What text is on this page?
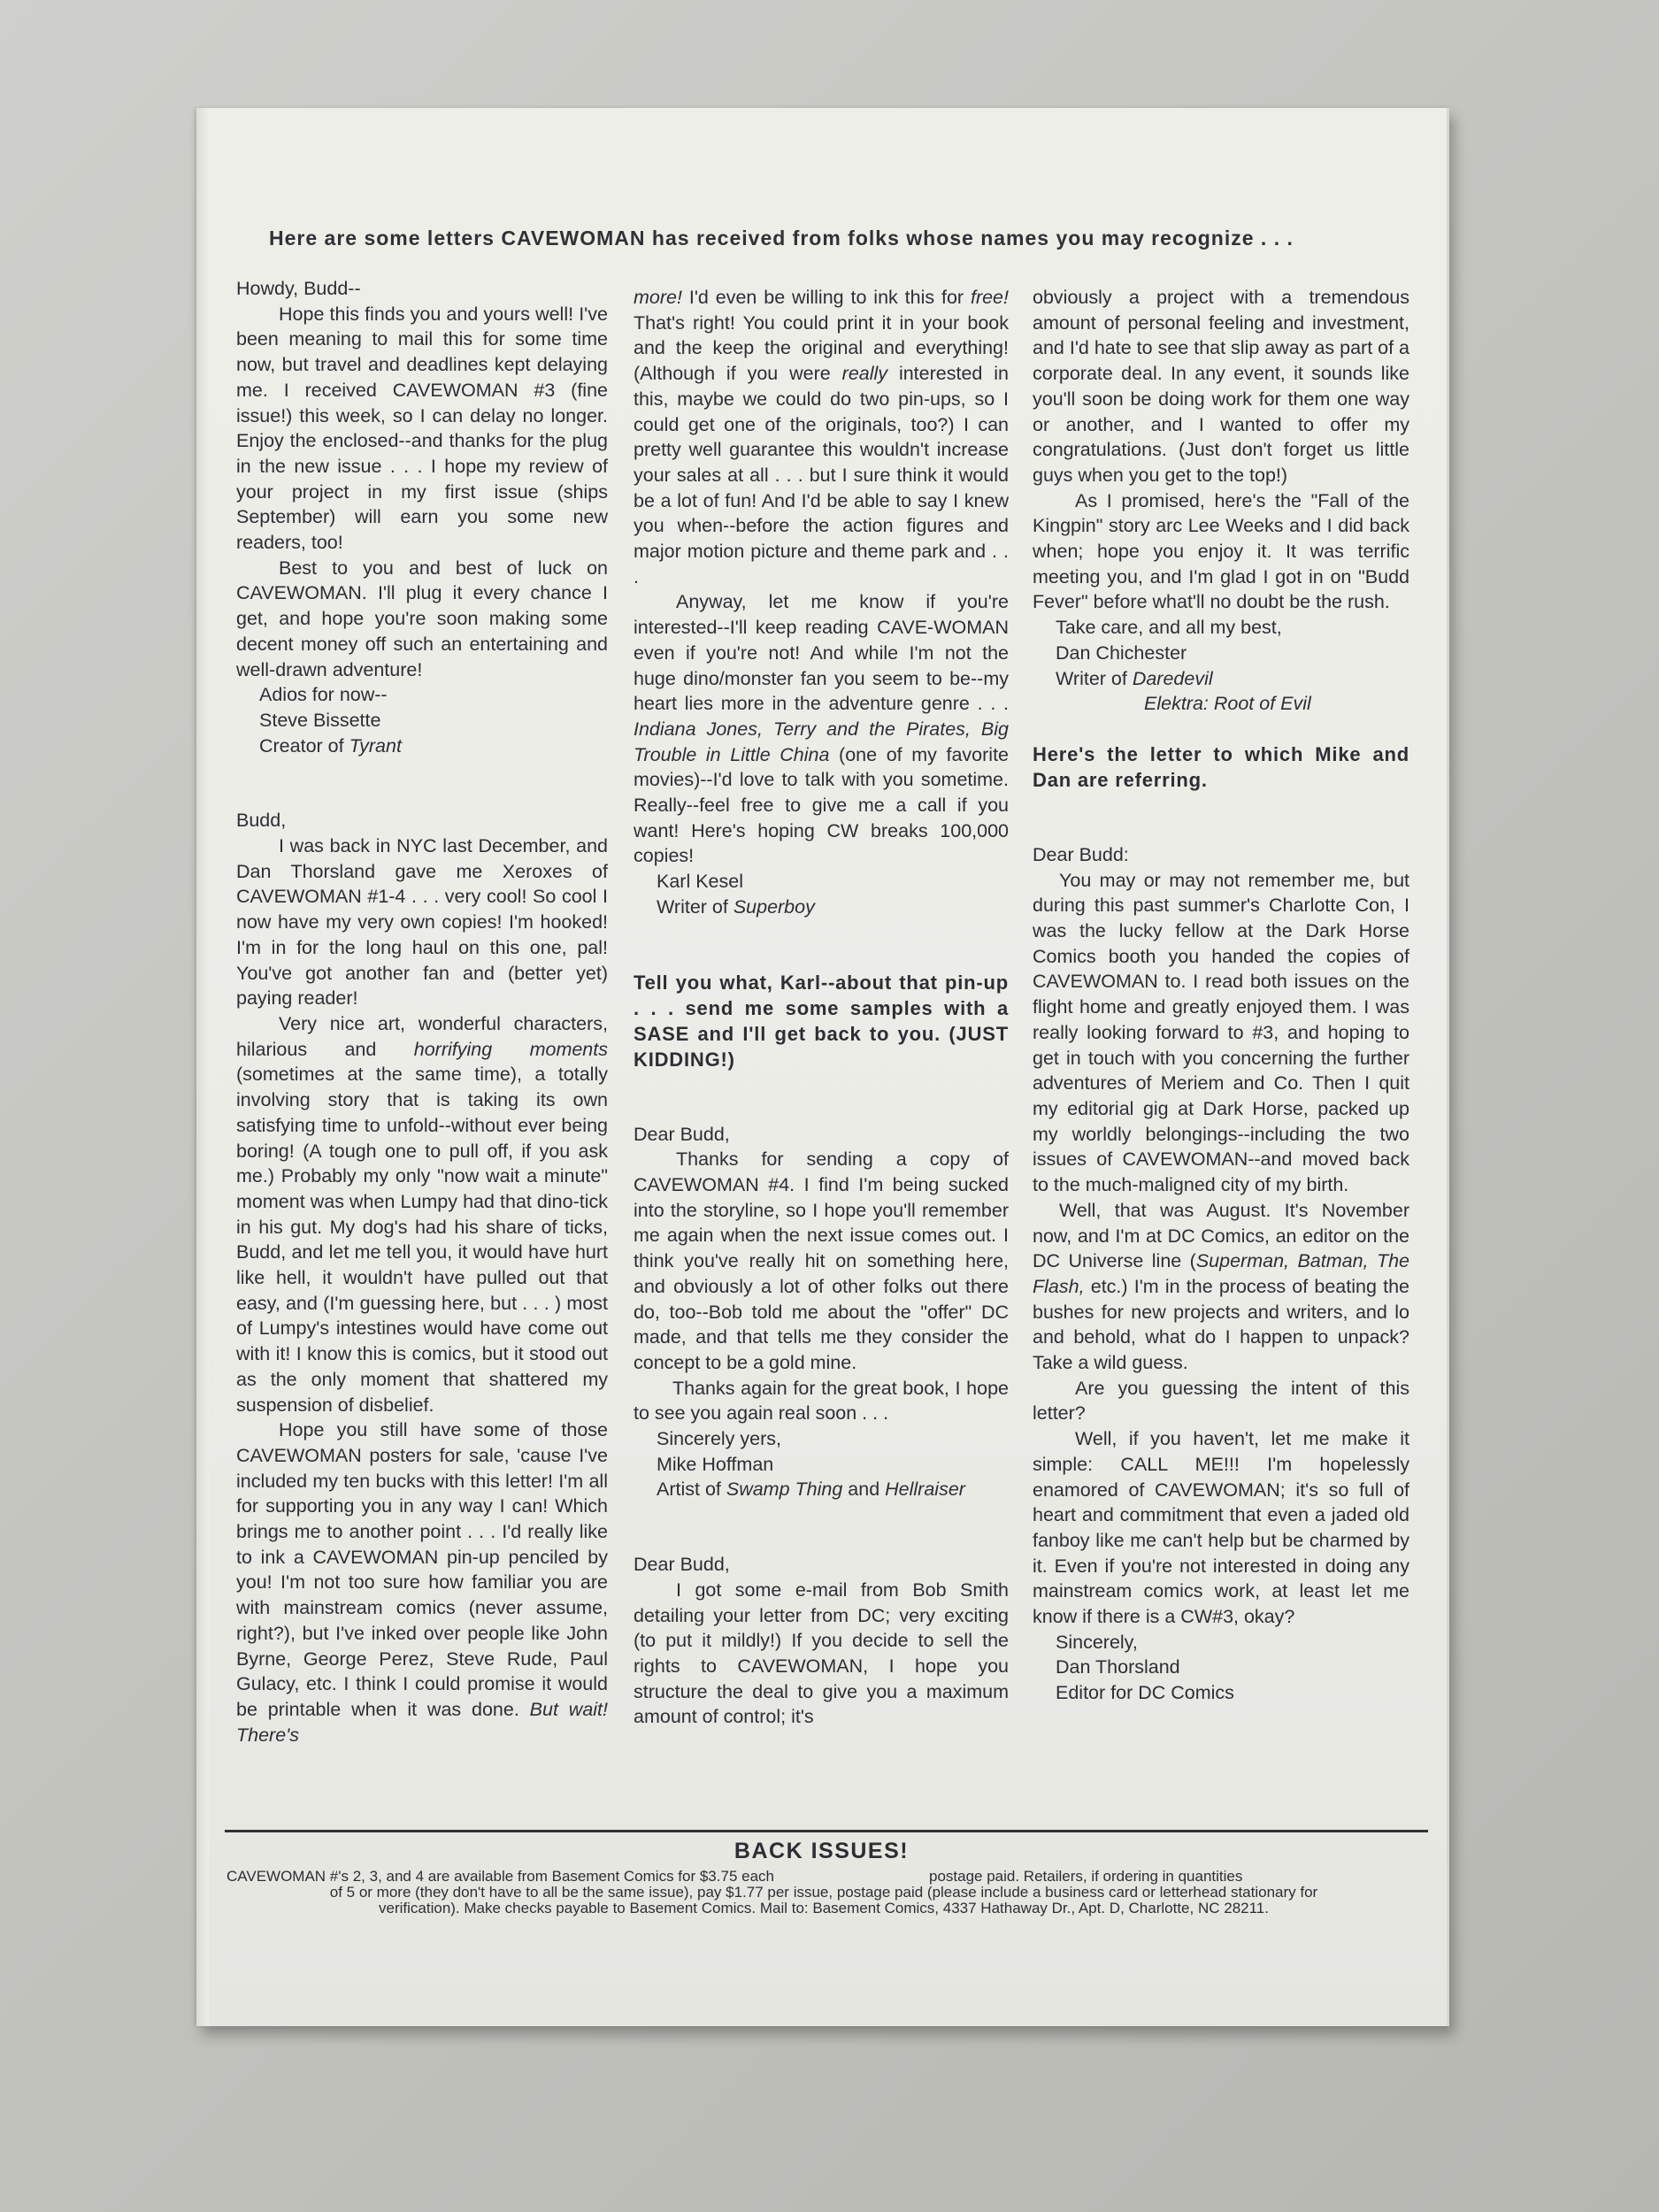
Here are some letters CAVEWOMAN has received from folks whose names you may recognize . . .

Howdy, Budd--

Hope this finds you and yours well! I've been meaning to mail this for some time now, but travel and deadlines kept delaying me. I received CAVEWOMAN #3 (fine issue!) this week, so I can delay no longer. Enjoy the enclosed--and thanks for the plug in the new issue . . . I hope my review of your project in my first issue (ships September) will earn you some new readers, too!

Best to you and best of luck on CAVEWOMAN. I'll plug it every chance I get, and hope you're soon making some decent money off such an entertaining and well-drawn adventure!

Adios for now--

Steve Bissette

Creator of Tyrant

Budd,

I was back in NYC last December, and Dan Thorsland gave me Xeroxes of CAVEWOMAN #1-4 . . . very cool! So cool I now have my very own copies! I'm hooked! I'm in for the long haul on this one, pal! You've got another fan and (better yet) paying reader!

Very nice art, wonderful characters, hilarious and horrifying moments (sometimes at the same time), a totally involving story that is taking its own satisfying time to unfold--without ever being boring! (A tough one to pull off, if you ask me.) Probably my only "now wait a minute" moment was when Lumpy had that dino-tick in his gut. My dog's had his share of ticks, Budd, and let me tell you, it would have hurt like hell, it wouldn't have pulled out that easy, and (I'm guessing here, but . . . ) most of Lumpy's intestines would have come out with it! I know this is comics, but it stood out as the only moment that shattered my suspension of disbelief.

Hope you still have some of those CAVEWOMAN posters for sale, 'cause I've included my ten bucks with this letter! I'm all for supporting you in any way I can! Which brings me to another point . . . I'd really like to ink a CAVEWOMAN pin-up penciled by you! I'm not too sure how familiar you are with mainstream comics (never assume, right?), but I've inked over people like John Byrne, George Perez, Steve Rude, Paul Gulacy, etc. I think I could promise it would be printable when it was done. But wait! There's

more! I'd even be willing to ink this for free! That's right! You could print it in your book and the keep the original and everything! (Although if you were really interested in this, maybe we could do two pin-ups, so I could get one of the originals, too?) I can pretty well guarantee this wouldn't increase your sales at all . . . but I sure think it would be a lot of fun! And I'd be able to say I knew you when--before the action figures and major motion picture and theme park and . . .

Anyway, let me know if you're interested--I'll keep reading CAVE-WOMAN even if you're not! And while I'm not the huge dino/monster fan you seem to be--my heart lies more in the adventure genre . . . Indiana Jones, Terry and the Pirates, Big Trouble in Little China (one of my favorite movies)--I'd love to talk with you sometime. Really--feel free to give me a call if you want! Here's hoping CW breaks 100,000 copies!

Karl Kesel

Writer of Superboy

Tell you what, Karl--about that pin-up . . . send me some samples with a SASE and I'll get back to you. (JUST KIDDING!)

Dear Budd,

Thanks for sending a copy of CAVEWOMAN #4. I find I'm being sucked into the storyline, so I hope you'll remember me again when the next issue comes out. I think you've really hit on something here, and obviously a lot of other folks out there do, too--Bob told me about the "offer" DC made, and that tells me they consider the concept to be a gold mine.

Thanks again for the great book, I hope to see you again real soon . . .

Sincerely yers,

Mike Hoffman

Artist of Swamp Thing and Hellraiser

Dear Budd,

I got some e-mail from Bob Smith detailing your letter from DC; very exciting (to put it mildly!) If you decide to sell the rights to CAVEWOMAN, I hope you structure the deal to give you a maximum amount of control; it's

obviously a project with a tremendous amount of personal feeling and investment, and I'd hate to see that slip away as part of a corporate deal. In any event, it sounds like you'll soon be doing work for them one way or another, and I wanted to offer my congratulations. (Just don't forget us little guys when you get to the top!)

As I promised, here's the "Fall of the Kingpin" story arc Lee Weeks and I did back when; hope you enjoy it. It was terrific meeting you, and I'm glad I got in on "Budd Fever" before what'll no doubt be the rush.

Take care, and all my best,

Dan Chichester

Writer of Daredevil

Elektra: Root of Evil

Here's the letter to which Mike and Dan are referring.

Dear Budd:

You may or may not remember me, but during this past summer's Charlotte Con, I was the lucky fellow at the Dark Horse Comics booth you handed the copies of CAVEWOMAN to. I read both issues on the flight home and greatly enjoyed them. I was really looking forward to #3, and hoping to get in touch with you concerning the further adventures of Meriem and Co. Then I quit my editorial gig at Dark Horse, packed up my worldly belongings--including the two issues of CAVEWOMAN--and moved back to the much-maligned city of my birth.

Well, that was August. It's November now, and I'm at DC Comics, an editor on the DC Universe line (Superman, Batman, The Flash, etc.) I'm in the process of beating the bushes for new projects and writers, and lo and behold, what do I happen to unpack? Take a wild guess.

Are you guessing the intent of this letter?

Well, if you haven't, let me make it simple: CALL ME!!! I'm hopelessly enamored of CAVEWOMAN; it's so full of heart and commitment that even a jaded old fanboy like me can't help but be charmed by it. Even if you're not interested in doing any mainstream comics work, at least let me know if there is a CW#3, okay?

Sincerely,

Dan Thorsland

Editor for DC Comics

BACK ISSUES!
CAVEWOMAN #'s 2, 3, and 4 are available from Basement Comics for $3.75 each	postage paid. Retailers, if ordering in quantities
of 5 or more (they don't have to all be the same issue), pay $1.77 per issue, postage paid (please include a business card or letterhead stationary for
verification). Make checks payable to Basement Comics. Mail to: Basement Comics, 4337 Hathaway Dr., Apt. D, Charlotte, NC 28211.
